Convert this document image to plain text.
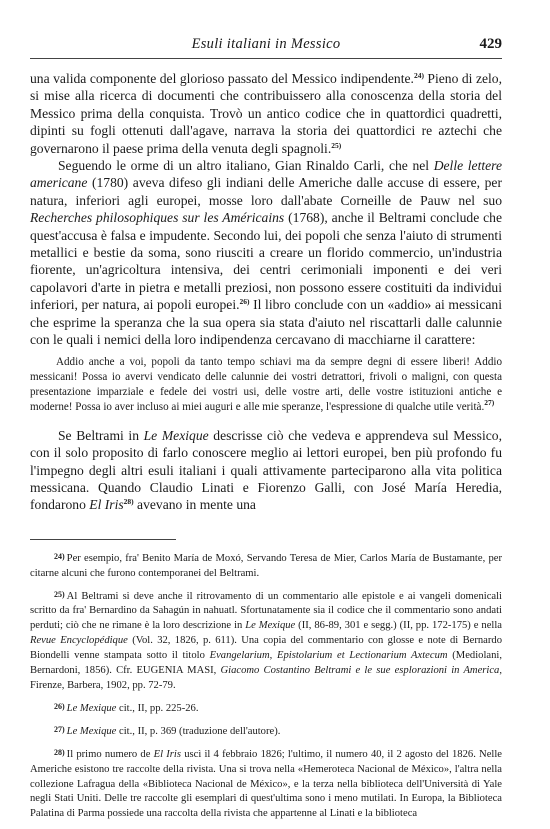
Esuli italiani in Messico	429

una valida componente del glorioso passato del Messico indipendente.$^{24)}$ Pieno di zelo, si mise alla ricerca di documenti che contribuissero alla conoscenza della storia del Messico prima della conquista. Trovò un antico codice che in quattordici quadretti, dipinti su fogli ottenuti dall'agave, narrava la storia dei quattordici re aztechi che governarono il paese prima della venuta degli spagnoli.$^{25)}$

Seguendo le orme di un altro italiano, Gian Rinaldo Carli, che nel Delle lettere americane (1780) aveva difeso gli indiani delle Americhe dalle accuse di essere, per natura, inferiori agli europei, mosse loro dall'abate Corneille de Pauw nel suo Recherches philosophiques sur les Américains (1768), anche il Beltrami conclude che quest'accusa è falsa e impudente. Secondo lui, dei popoli che senza l'aiuto di strumenti metallici e bestie da soma, sono riusciti a creare un florido commercio, un'industria fiorente, un'agricoltura intensiva, dei centri cerimoniali imponenti e dei veri capolavori d'arte in pietra e metalli preziosi, non possono essere costituiti da individui inferiori, per natura, ai popoli europei.$^{26)}$ Il libro conclude con un «addio» ai messicani che esprime la speranza che la sua opera sia stata d'aiuto nel riscattarli dalle calunnie con le quali i nemici della loro indipendenza cercavano di macchiarne il carattere:

Addio anche a voi, popoli da tanto tempo schiavi ma da sempre degni di essere liberi! Addio messicani! Possa io avervi vendicato delle calunnie dei vostri detrattori, frivoli o maligni, con questa presentazione imparziale e fedele dei vostri usi, delle vostre arti, delle vostre istituzioni antiche e moderne! Possa io aver incluso ai miei auguri e alle mie speranze, l'espressione di qualche utile verità.$^{27)}$

Se Beltrami in Le Mexique descrisse ciò che vedeva e apprendeva sul Messico, con il solo proposito di farlo conoscere meglio ai lettori europei, ben più profondo fu l'impegno degli altri esuli italiani i quali attivamente parteciparono alla vita politica messicana. Quando Claudio Linati e Fiorenzo Galli, con José María Heredia, fondarono El Iris$^{28)}$ avevano in mente una

24) Per esempio, fra' Benito María de Moxó, Servando Teresa de Mier, Carlos María de Bustamante, per citarne alcuni che furono contemporanei del Beltrami.

25) Al Beltrami si deve anche il ritrovamento di un commentario alle epistole e ai vangeli domenicali scritto da fra' Bernardino da Sahagún in nahuatl. Sfortunatamente sia il codice che il commentario sono andati perduti; ciò che ne rimane è la loro descrizione in Le Mexique (II, 86-89, 301 e segg.) (II, pp. 172-175) e nella Revue Encyclopédique (Vol. 32, 1826, p. 611). Una copia del commentario con glosse e note di Bernardo Biondelli venne stampata sotto il titolo Evangelarium, Epistolarium et Lectionarium Axtecum (Mediolani, Bernardoni, 1856). Cfr. EUGENIA MASI, Giacomo Costantino Beltrami e le sue esplorazioni in America, Firenze, Barbera, 1902, pp. 72-79.

26) Le Mexique cit., II, pp. 225-26.

27) Le Mexique cit., II, p. 369 (traduzione dell'autore).

28) Il primo numero de El Iris uscì il 4 febbraio 1826; l'ultimo, il numero 40, il 2 agosto del 1826. Nelle Americhe esistono tre raccolte della rivista. Una si trova nella «Hemeroteca Nacional de México», l'altra nella collezione Lafragua della «Biblioteca Nacional de México», e la terza nella biblioteca dell'Università di Yale negli Stati Uniti. Delle tre raccolte gli esemplari di quest'ultima sono i meno mutilati. In Europa, la Biblioteca Palatina di Parma possiede una raccolta della rivista che appartenne al Linati e la biblioteca
